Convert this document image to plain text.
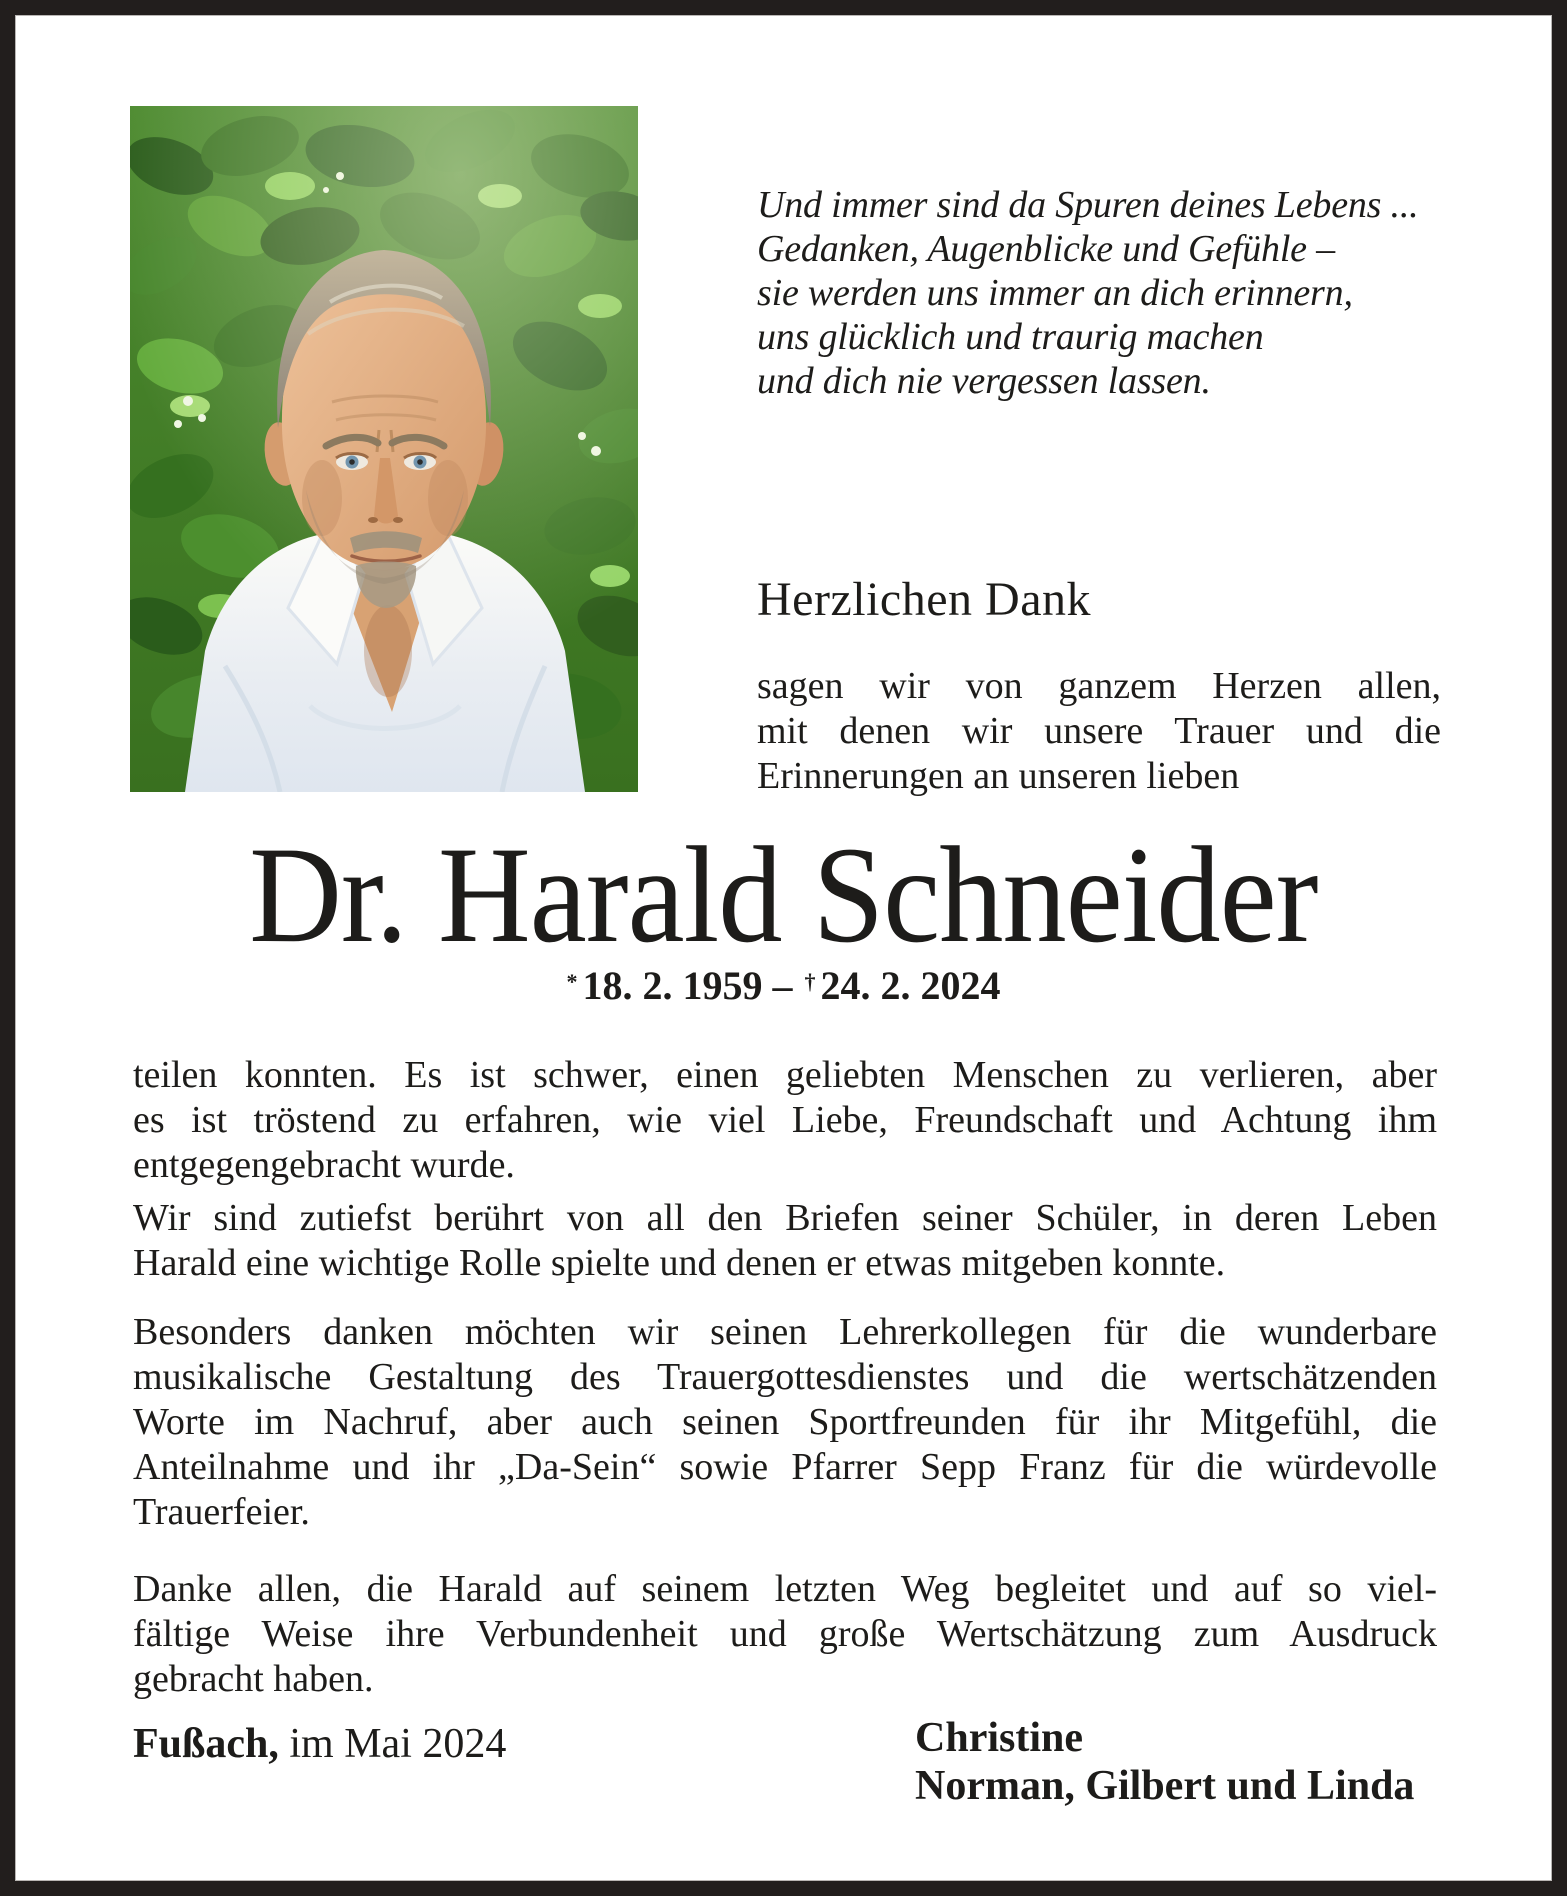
Und immer sind da Spuren deines Lebens ...
Gedanken, Augenblicke und Gefühle –
sie werden uns immer an dich erinnern,
uns glücklich und traurig machen
und dich nie vergessen lassen.
Herzlichen Dank
sagen wir von ganzem Herzen allen,
mit denen wir unsere Trauer und die
Erinnerungen an unseren lieben
Dr. Harald Schneider
* 18. 2. 1959 – † 24. 2. 2024
teilen konnten. Es ist schwer, einen geliebten Menschen zu verlieren, aber
es ist tröstend zu erfahren, wie viel Liebe, Freundschaft und Achtung ihm
entgegengebracht wurde.
Wir sind zutiefst berührt von all den Briefen seiner Schüler, in deren Leben
Harald eine wichtige Rolle spielte und denen er etwas mitgeben konnte.
Besonders danken möchten wir seinen Lehrerkollegen für die wunderbare
musikalische Gestaltung des Trauergottesdienstes und die wertschätzenden
Worte im Nachruf, aber auch seinen Sportfreunden für ihr Mitgefühl, die
Anteilnahme und ihr „Da-Sein“ sowie Pfarrer Sepp Franz für die würdevolle
Trauerfeier.
Danke allen, die Harald auf seinem letzten Weg begleitet und auf so viel-
fältige Weise ihre Verbundenheit und große Wertschätzung zum Ausdruck
gebracht haben.
Fußach, im Mai 2024	Christine
Norman, Gilbert und Linda
